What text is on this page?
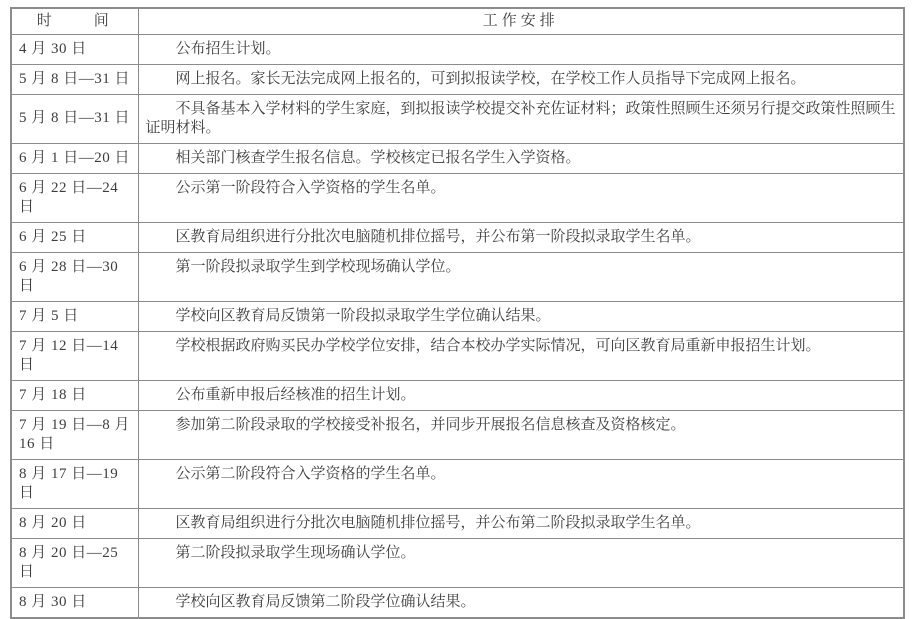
时　　间	工作安排
4 月 30 日	公布招生计划。
5 月 8 日—31 日	网上报名。家长无法完成网上报名的，可到拟报读学校，在学校工作人员指导下完成网上报名。
5 月 8 日—31 日	不具备基本入学材料的学生家庭，到拟报读学校提交补充佐证材料；政策性照顾生还须另行提交政策性照顾生证明材料。
6 月 1 日—20 日	相关部门核查学生报名信息。学校核定已报名学生入学资格。
6 月 22 日—24 日	公示第一阶段符合入学资格的学生名单。
6 月 25 日	区教育局组织进行分批次电脑随机排位摇号，并公布第一阶段拟录取学生名单。
6 月 28 日—30 日	第一阶段拟录取学生到学校现场确认学位。
7 月 5 日	学校向区教育局反馈第一阶段拟录取学生学位确认结果。
7 月 12 日—14 日	学校根据政府购买民办学校学位安排，结合本校办学实际情况，可向区教育局重新申报招生计划。
7 月 18 日	公布重新申报后经核准的招生计划。
7 月 19 日—8 月 16 日	参加第二阶段录取的学校接受补报名，并同步开展报名信息核查及资格核定。
8 月 17 日—19 日	公示第二阶段符合入学资格的学生名单。
8 月 20 日	区教育局组织进行分批次电脑随机排位摇号，并公布第二阶段拟录取学生名单。
8 月 20 日—25 日	第二阶段拟录取学生现场确认学位。
8 月 30 日	学校向区教育局反馈第二阶段学位确认结果。
